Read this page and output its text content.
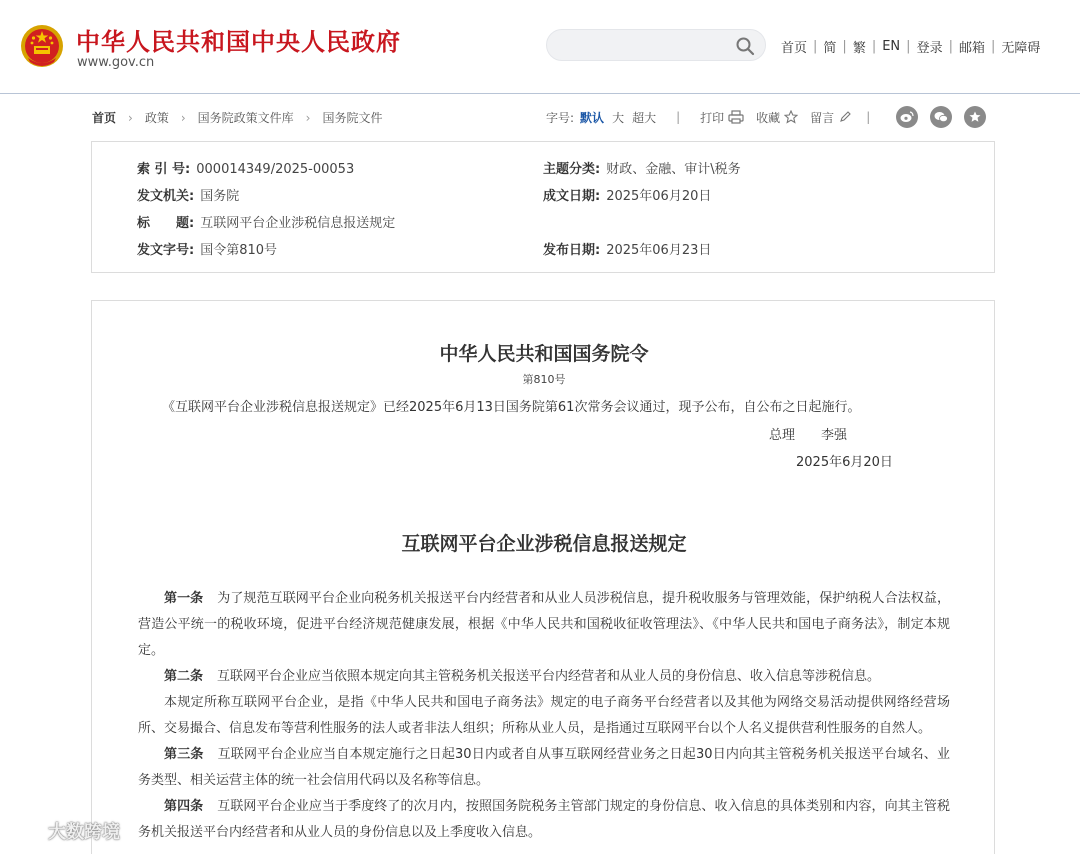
中华人民共和国中央人民政府
www.gov.cn
首页 | 简 | 繁 | EN | 登录 | 邮箱 | 无障碍
首页 › 政策 › 国务院政策文件库 › 国务院文件	字号: 默认 大 超大 | 打印	收藏	留言	|
索 引 号: 000014349/2025-00053	主题分类: 财政、金融、审计\税务
发文机关: 国务院	成文日期: 2025年06月20日
标　　题: 互联网平台企业涉税信息报送规定
发文字号: 国令第810号	发布日期: 2025年06月23日
中华人民共和国国务院令
第810号
《互联网平台企业涉税信息报送规定》已经2025年6月13日国务院第61次常务会议通过，现予公布，自公布之日起施行。
总理 李强
2025年6月20日
互联网平台企业涉税信息报送规定
第一条 为了规范互联网平台企业向税务机关报送平台内经营者和从业人员涉税信息，提升税收服务与管理效能，保护纳税人合法权益，营造公平统一的税收环境，促进平台经济规范健康发展，根据《中华人民共和国税收征收管理法》、《中华人民共和国电子商务法》，制定本规定。
第二条 互联网平台企业应当依照本规定向其主管税务机关报送平台内经营者和从业人员的身份信息、收入信息等涉税信息。
本规定所称互联网平台企业，是指《中华人民共和国电子商务法》规定的电子商务平台经营者以及其他为网络交易活动提供网络经营场所、交易撮合、信息发布等营利性服务的法人或者非法人组织；所称从业人员，是指通过互联网平台以个人名义提供营利性服务的自然人。
第三条 互联网平台企业应当自本规定施行之日起30日内或者自从事互联网经营业务之日起30日内向其主管税务机关报送平台域名、业务类型、相关运营主体的统一社会信用代码以及名称等信息。
第四条 互联网平台企业应当于季度终了的次月内，按照国务院税务主管部门规定的身份信息、收入信息的具体类别和内容，向其主管税务机关报送平台内经营者和从业人员的身份信息以及上季度收入信息。
大数跨境
